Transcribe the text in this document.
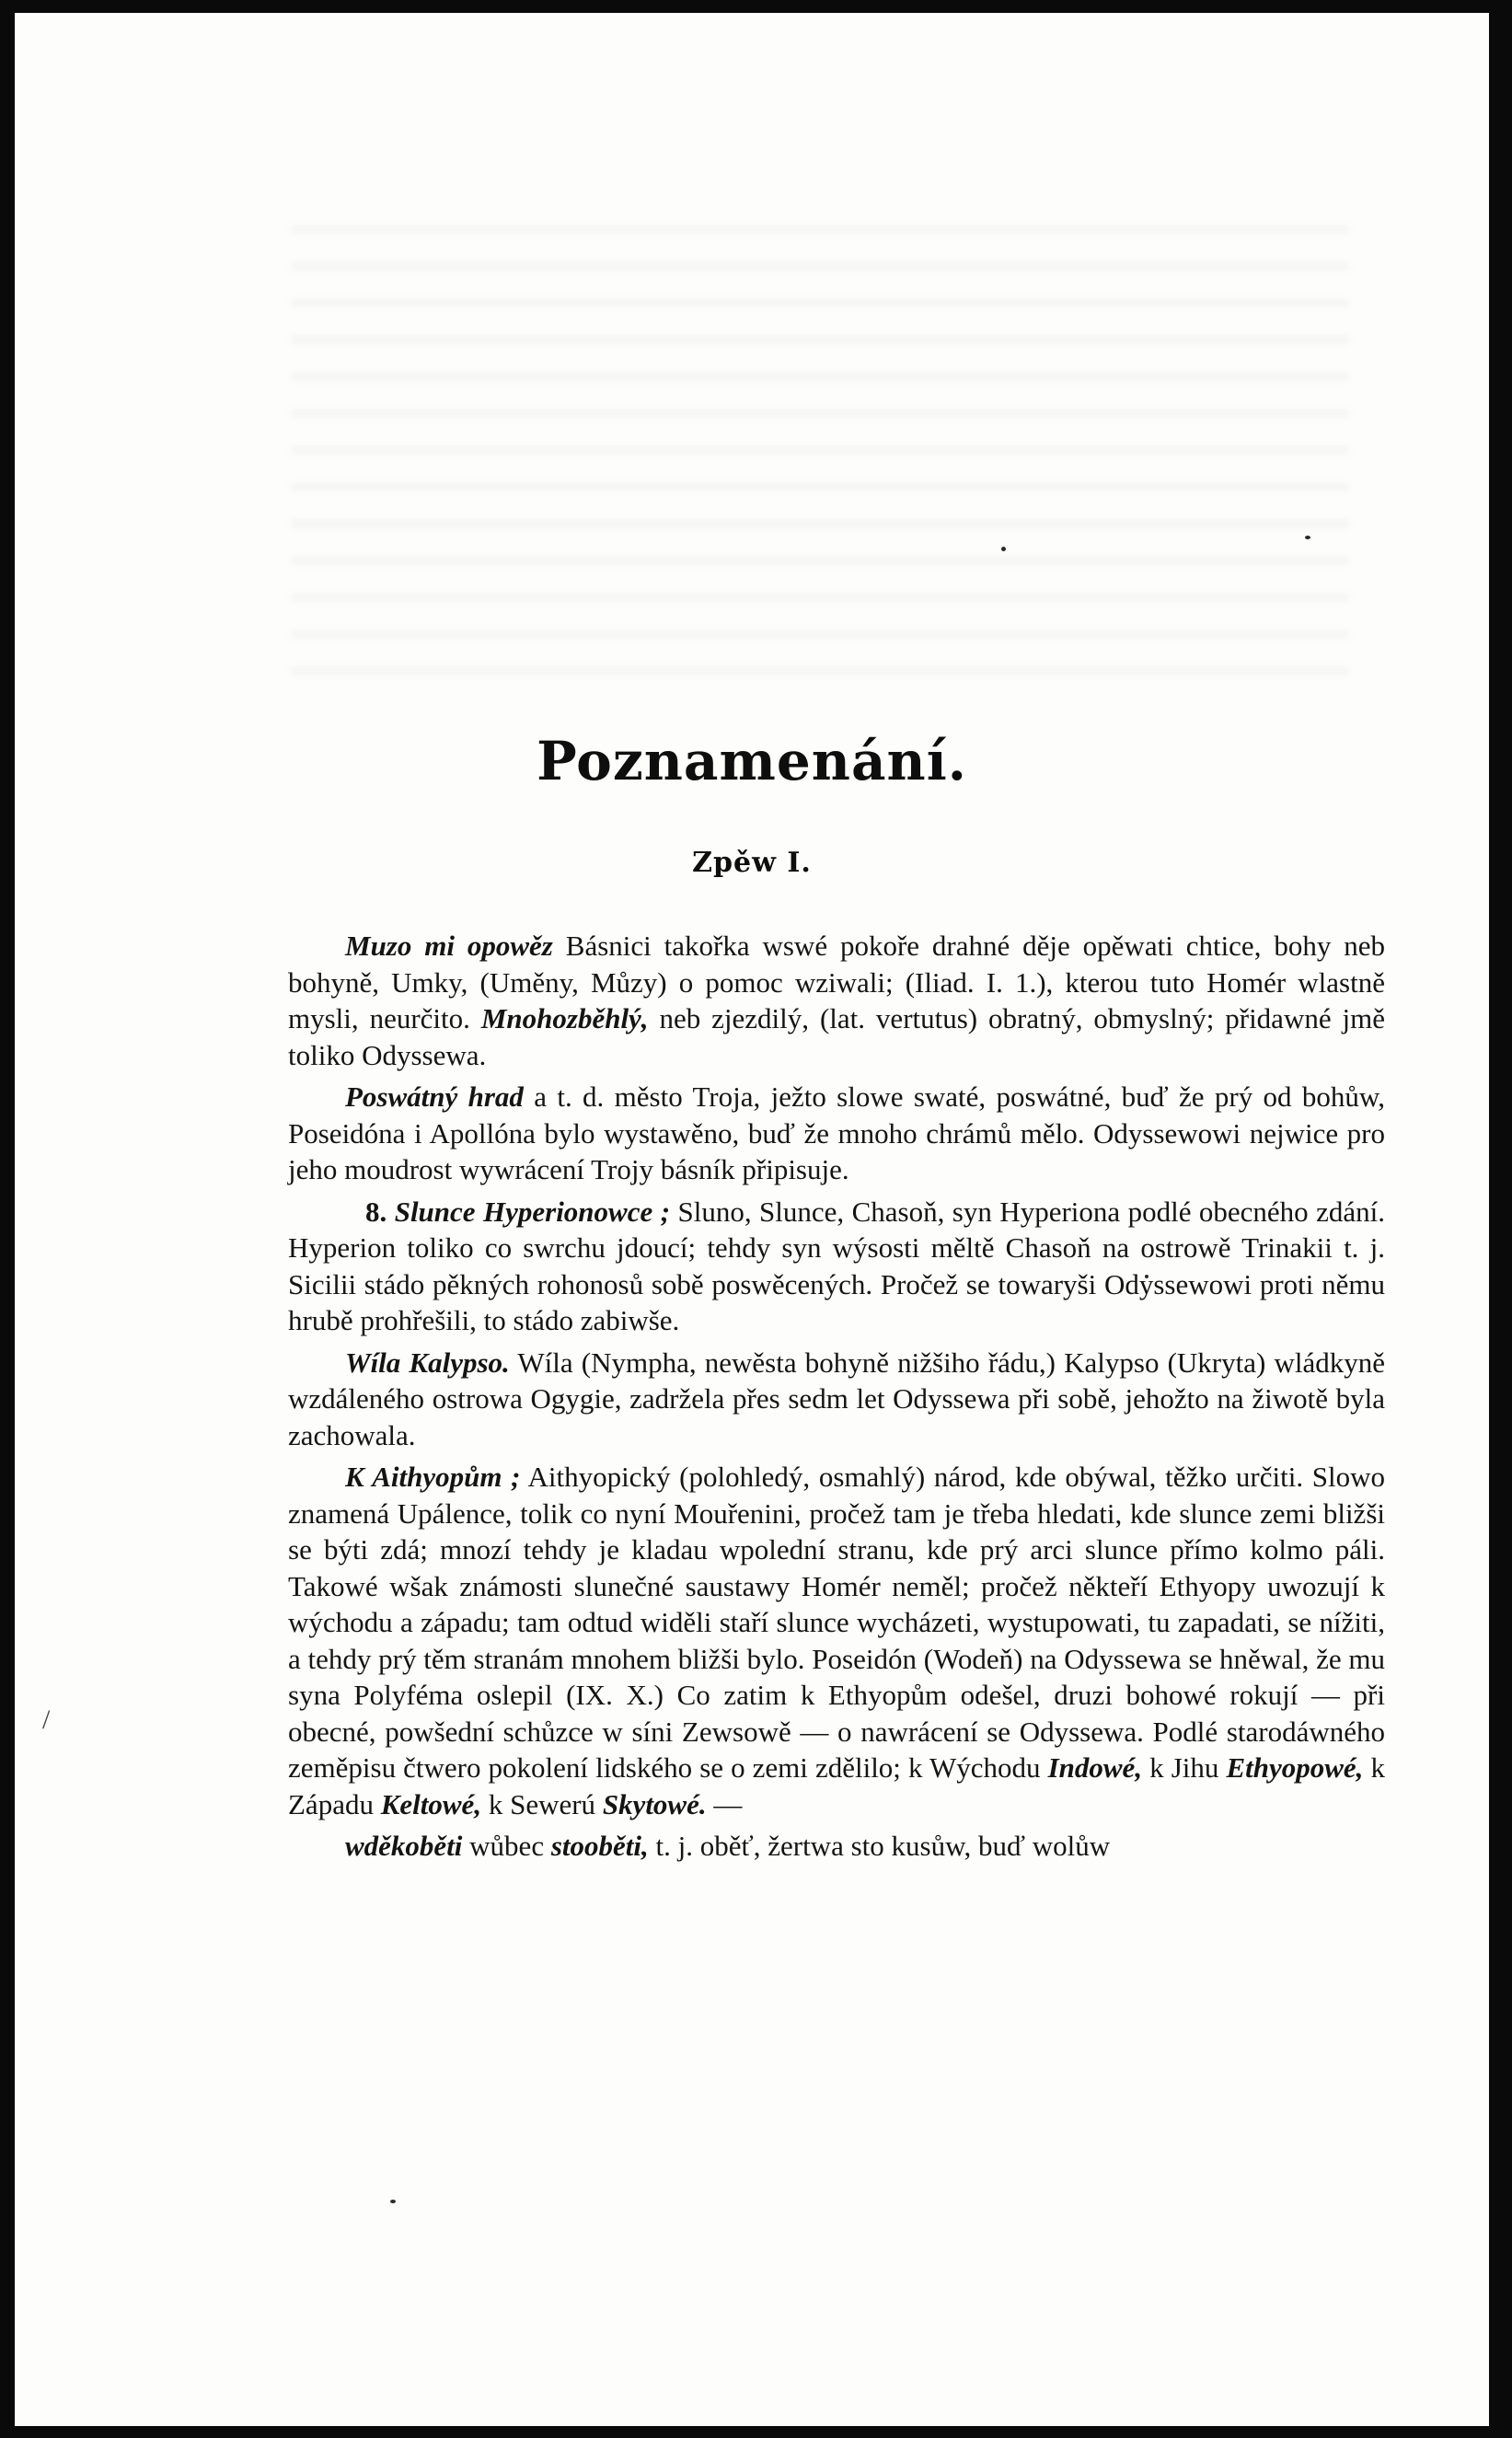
/
Poznamenání.
Zpěw I.

Muzo mi opowěz Básnici takořka wswé pokoře drahné děje opěwati chtice, bohy neb bohyně, Umky, (Uměny, Můzy) o pomoc wziwali; (Iliad. I. 1.), kterou tuto Homér wlastně mysli, neurčito. Mnohozběhlý, neb zjezdilý, (lat. vertutus) obratný, obmyslný; přidawné jmě toliko Odyssewa.

Poswátný hrad a t. d. město Troja, ježto slowe swaté, poswátné, buď že prý od bohůw, Poseidóna i Apollóna bylo wystawěno, buď že mnoho chrámů mělo. Odyssewowi nejwice pro jeho moudrost wywrácení Trojy básník připisuje.

8. Slunce Hyperionowce ; Sluno, Slunce, Chasoň, syn Hyperiona podlé obecného zdání. Hyperion toliko co swrchu jdoucí; tehdy syn wýsosti měltě Chasoň na ostrowě Trinakii t. j. Sicilii stádo pěkných rohonosů sobě poswěcených. Pročež se towaryši Odyssewowi proti němu hrubě prohřešili, to stádo zabiwše.

Wíla Kalypso. Wíla (Nympha, newěsta bohyně nižšiho řádu,) Kalypso (Ukryta) wládkyně wzdáleného ostrowa Ogygie, zadržela přes sedm let Odyssewa při sobě, jehožto na žiwotě byla zachowala.

K Aithyopům ; Aithyopický (polohledý, osmahlý) národ, kde obýwal, těžko určiti. Slowo znamená Upálence, tolik co nyní Mouřenini, pročež tam je třeba hledati, kde slunce zemi bližši se býti zdá; mnozí tehdy je kladau wpolední stranu, kde prý arci slunce přímo kolmo páli. Takowé wšak známosti slunečné saustawy Homér neměl; pročež někteří Ethyopy uwozují k wýchodu a západu; tam odtud widěli staří slunce wycházeti, wystupowati, tu zapadati, se nížiti, a tehdy prý těm stranám mnohem bližši bylo. Poseidón (Wodeň) na Odyssewa se hněwal, že mu syna Polyféma oslepil (IX. X.) Co zatim k Ethyopům odešel, druzi bohowé rokují — při obecné, powšední schůzce w síni Zewsowě — o nawrácení se Odyssewa. Podlé starodáwného zeměpisu čtwero pokolení lidského se o zemi zdělilo; k Wýchodu Indowé, k Jihu Ethyopowé, k Západu Keltowé, k Sewerú Skytowé. —

wděkoběti wůbec stooběti, t. j. oběť, žertwa sto kusůw, buď wolůw
